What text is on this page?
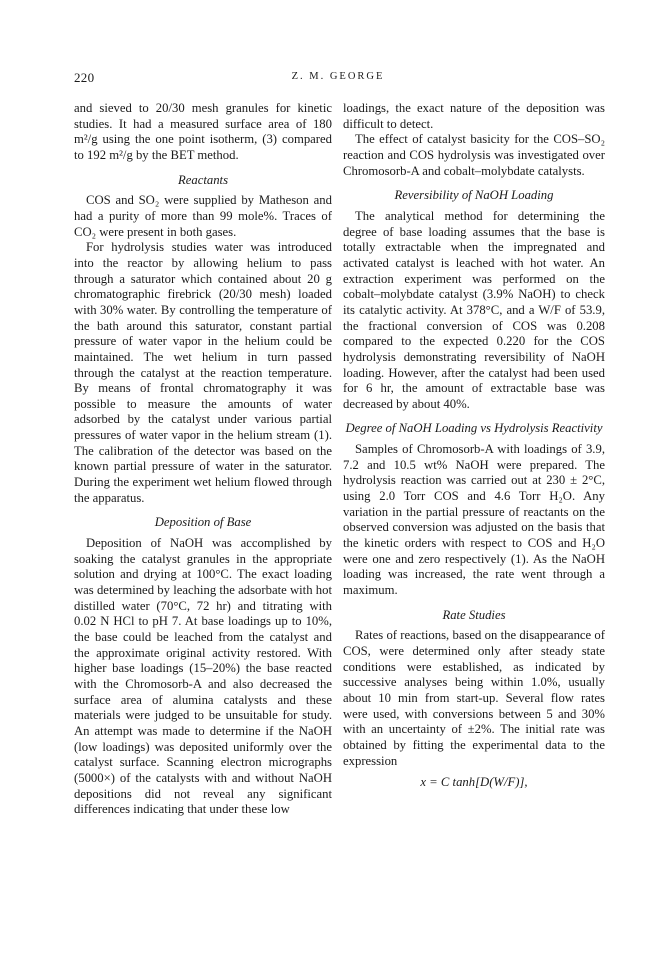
220	Z. M. GEORGE

and sieved to 20/30 mesh granules for kinetic studies. It had a measured surface area of 180 m²/g using the one point isotherm, (3) compared to 192 m²/g by the BET method.

Reactants

COS and SO₂ were supplied by Matheson and had a purity of more than 99 mole%. Traces of CO₂ were present in both gases.

For hydrolysis studies water was introduced into the reactor by allowing helium to pass through a saturator which contained about 20 g chromatographic firebrick (20/30 mesh) loaded with 30% water. By controlling the temperature of the bath around this saturator, constant partial pressure of water vapor in the helium could be maintained. The wet helium in turn passed through the catalyst at the reaction temperature. By means of frontal chromatography it was possible to measure the amounts of water adsorbed by the catalyst under various partial pressures of water vapor in the helium stream (1). The calibration of the detector was based on the known partial pressure of water in the saturator. During the experiment wet helium flowed through the apparatus.

Deposition of Base

Deposition of NaOH was accomplished by soaking the catalyst granules in the appropriate solution and drying at 100°C. The exact loading was determined by leaching the adsorbate with hot distilled water (70°C, 72 hr) and titrating with 0.02 N HCl to pH 7. At base loadings up to 10%, the base could be leached from the catalyst and the approximate original activity restored. With higher base loadings (15–20%) the base reacted with the Chromosorb-A and also decreased the surface area of alumina catalysts and these materials were judged to be unsuitable for study. An attempt was made to determine if the NaOH (low loadings) was deposited uniformly over the catalyst surface. Scanning electron micrographs (5000×) of the catalysts with and without NaOH depositions did not reveal any significant differences indicating that under these low

loadings, the exact nature of the deposition was difficult to detect.

The effect of catalyst basicity for the COS–SO₂ reaction and COS hydrolysis was investigated over Chromosorb-A and cobalt–molybdate catalysts.

Reversibility of NaOH Loading

The analytical method for determining the degree of base loading assumes that the base is totally extractable when the impregnated and activated catalyst is leached with hot water. An extraction experiment was performed on the cobalt–molybdate catalyst (3.9% NaOH) to check its catalytic activity. At 378°C, and a W/F of 53.9, the fractional conversion of COS was 0.208 compared to the expected 0.220 for the COS hydrolysis demonstrating reversibility of NaOH loading. However, after the catalyst had been used for 6 hr, the amount of extractable base was decreased by about 40%.

Degree of NaOH Loading vs Hydrolysis Reactivity

Samples of Chromosorb-A with loadings of 3.9, 7.2 and 10.5 wt% NaOH were prepared. The hydrolysis reaction was carried out at 230 ± 2°C, using 2.0 Torr COS and 4.6 Torr H₂O. Any variation in the partial pressure of reactants on the observed conversion was adjusted on the basis that the kinetic orders with respect to COS and H₂O were one and zero respectively (1). As the NaOH loading was increased, the rate went through a maximum.

Rate Studies

Rates of reactions, based on the disappearance of COS, were determined only after steady state conditions were established, as indicated by successive analyses being within 1.0%, usually about 10 min from start-up. Several flow rates were used, with conversions between 5 and 30% with an uncertainty of ±2%. The initial rate was obtained by fitting the experimental data to the expression

x = C tanh[D(W/F)],
